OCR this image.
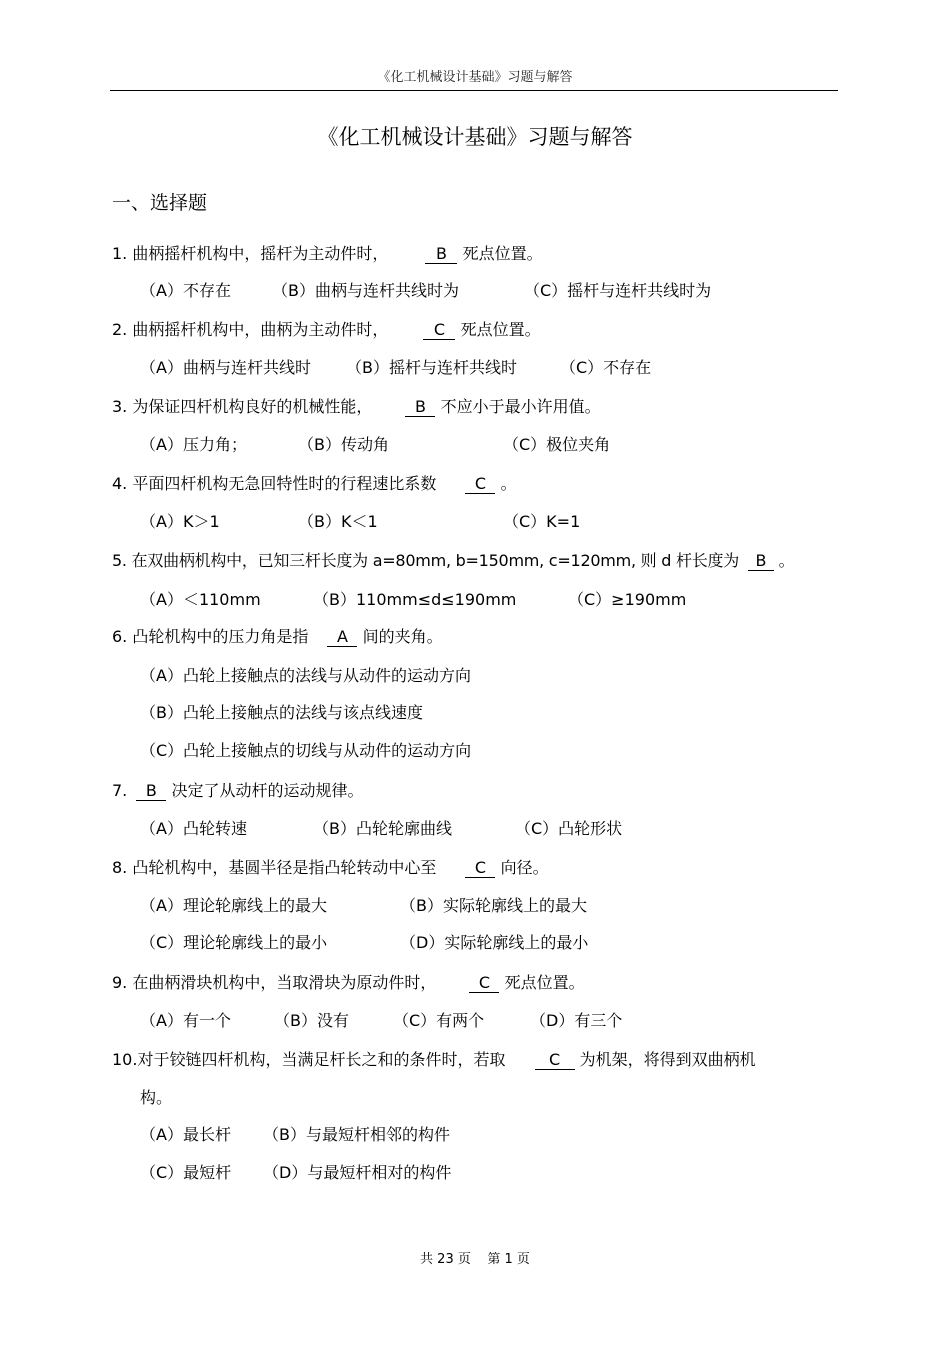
《化工机械设计基础》习题与解答
《化工机械设计基础》习题与解答
一、选择题
1. 曲柄摇杆机构中，摇杆为主动件时，	B 死点位置。
（A）不存在	（B）曲柄与连杆共线时为	（C）摇杆与连杆共线时为
2. 曲柄摇杆机构中，曲柄为主动件时，	C 死点位置。
（A）曲柄与连杆共线时 （B）摇杆与连杆共线时	（C）不存在
3. 为保证四杆机构良好的机械性能，	B 不应小于最小许用值。
（A）压力角；	（B）传动角	（C）极位夹角
4. 平面四杆机构无急回特性时的行程速比系数 C 。
（A）K＞1	（B）K＜1	（C）K=1
5. 在双曲柄机构中，已知三杆长度为 a=80mm, b=150mm, c=120mm, 则 d 杆长度为 B 。
（A）＜110mm	（B）110mm≤d≤190mm	（C）≥190mm
6. 凸轮机构中的压力角是指 A 间的夹角。
（A）凸轮上接触点的法线与从动件的运动方向
（B）凸轮上接触点的法线与该点线速度
（C）凸轮上接触点的切线与从动件的运动方向
7. B 决定了从动杆的运动规律。
（A）凸轮转速	（B）凸轮轮廓曲线	（C）凸轮形状
8. 凸轮机构中，基圆半径是指凸轮转动中心至 C 向径。
（A）理论轮廓线上的最大	（B）实际轮廓线上的最大
（C）理论轮廓线上的最小	（D）实际轮廓线上的最小
9. 在曲柄滑块机构中，当取滑块为原动件时，	C 死点位置。
（A）有一个	（B）没有	（C）有两个	（D）有三个
10.对于铰链四杆机构，当满足杆长之和的条件时，若取	C 为机架，将得到双曲柄机
构。
（A）最长杆 （B）与最短杆相邻的构件
（C）最短杆 （D）与最短杆相对的构件
共 23 页 第 1 页
